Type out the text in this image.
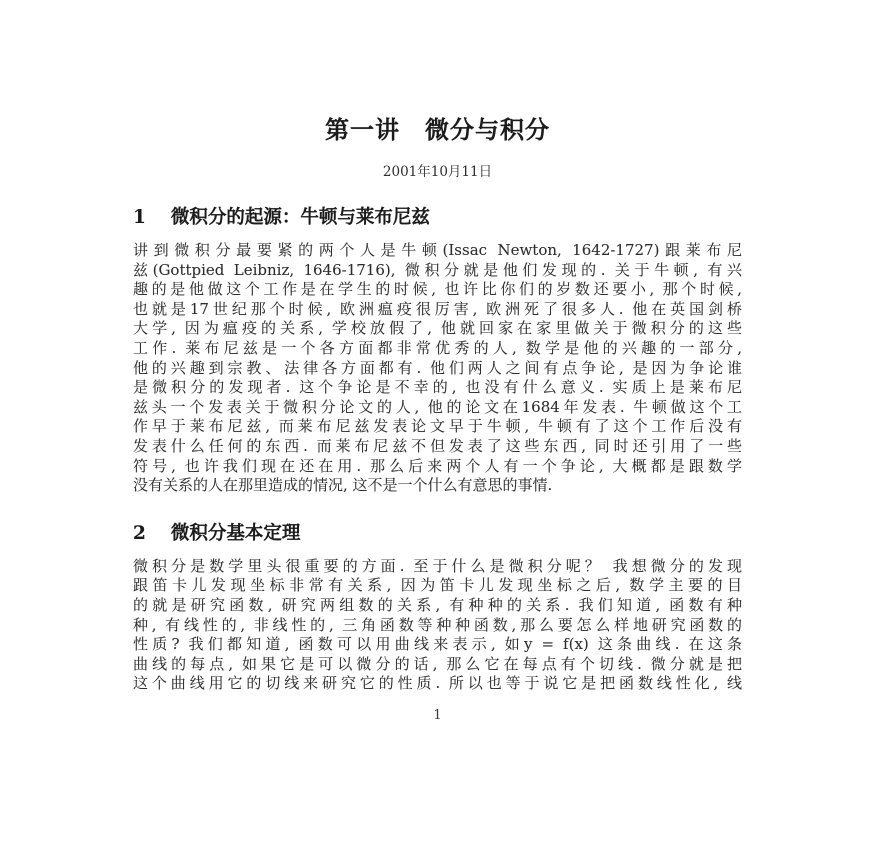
第一讲　微分与积分
2001年10月11日
1 微积分的起源：牛顿与莱布尼兹
讲到微积分最要紧的两个人是牛顿(Issac Newton, 1642-1727)跟莱布尼
兹(Gottpied Leibniz, 1646-1716), 微积分就是他们发现的. 关于牛顿, 有兴
趣的是他做这个工作是在学生的时候, 也许比你们的岁数还要小, 那个时候,
也就是17世纪那个时候, 欧洲瘟疫很厉害, 欧洲死了很多人. 他在英国剑桥
大学, 因为瘟疫的关系, 学校放假了, 他就回家在家里做关于微积分的这些
工作. 莱布尼兹是一个各方面都非常优秀的人, 数学是他的兴趣的一部分,
他的兴趣到宗教、法律各方面都有. 他们两人之间有点争论, 是因为争论谁
是微积分的发现者. 这个争论是不幸的, 也没有什么意义. 实质上是莱布尼
兹头一个发表关于微积分论文的人, 他的论文在1684年发表. 牛顿做这个工
作早于莱布尼兹, 而莱布尼兹发表论文早于牛顿, 牛顿有了这个工作后没有
发表什么任何的东西. 而莱布尼兹不但发表了这些东西, 同时还引用了一些
符号, 也许我们现在还在用. 那么后来两个人有一个争论, 大概都是跟数学
没有关系的人在那里造成的情况, 这不是一个什么有意思的事情.
2 微积分基本定理
微积分是数学里头很重要的方面. 至于什么是微积分呢？ 我想微分的发现
跟笛卡儿发现坐标非常有关系, 因为笛卡儿发现坐标之后, 数学主要的目
的就是研究函数, 研究两组数的关系, 有种种的关系. 我们知道, 函数有种
种, 有线性的, 非线性的, 三角函数等种种函数,那么要怎么样地研究函数的
性质? 我们都知道, 函数可以用曲线来表示, 如y = f(x) 这条曲线. 在这条
曲线的每点, 如果它是可以微分的话, 那么它在每点有个切线. 微分就是把
这个曲线用它的切线来研究它的性质. 所以也等于说它是把函数线性化, 线
1
